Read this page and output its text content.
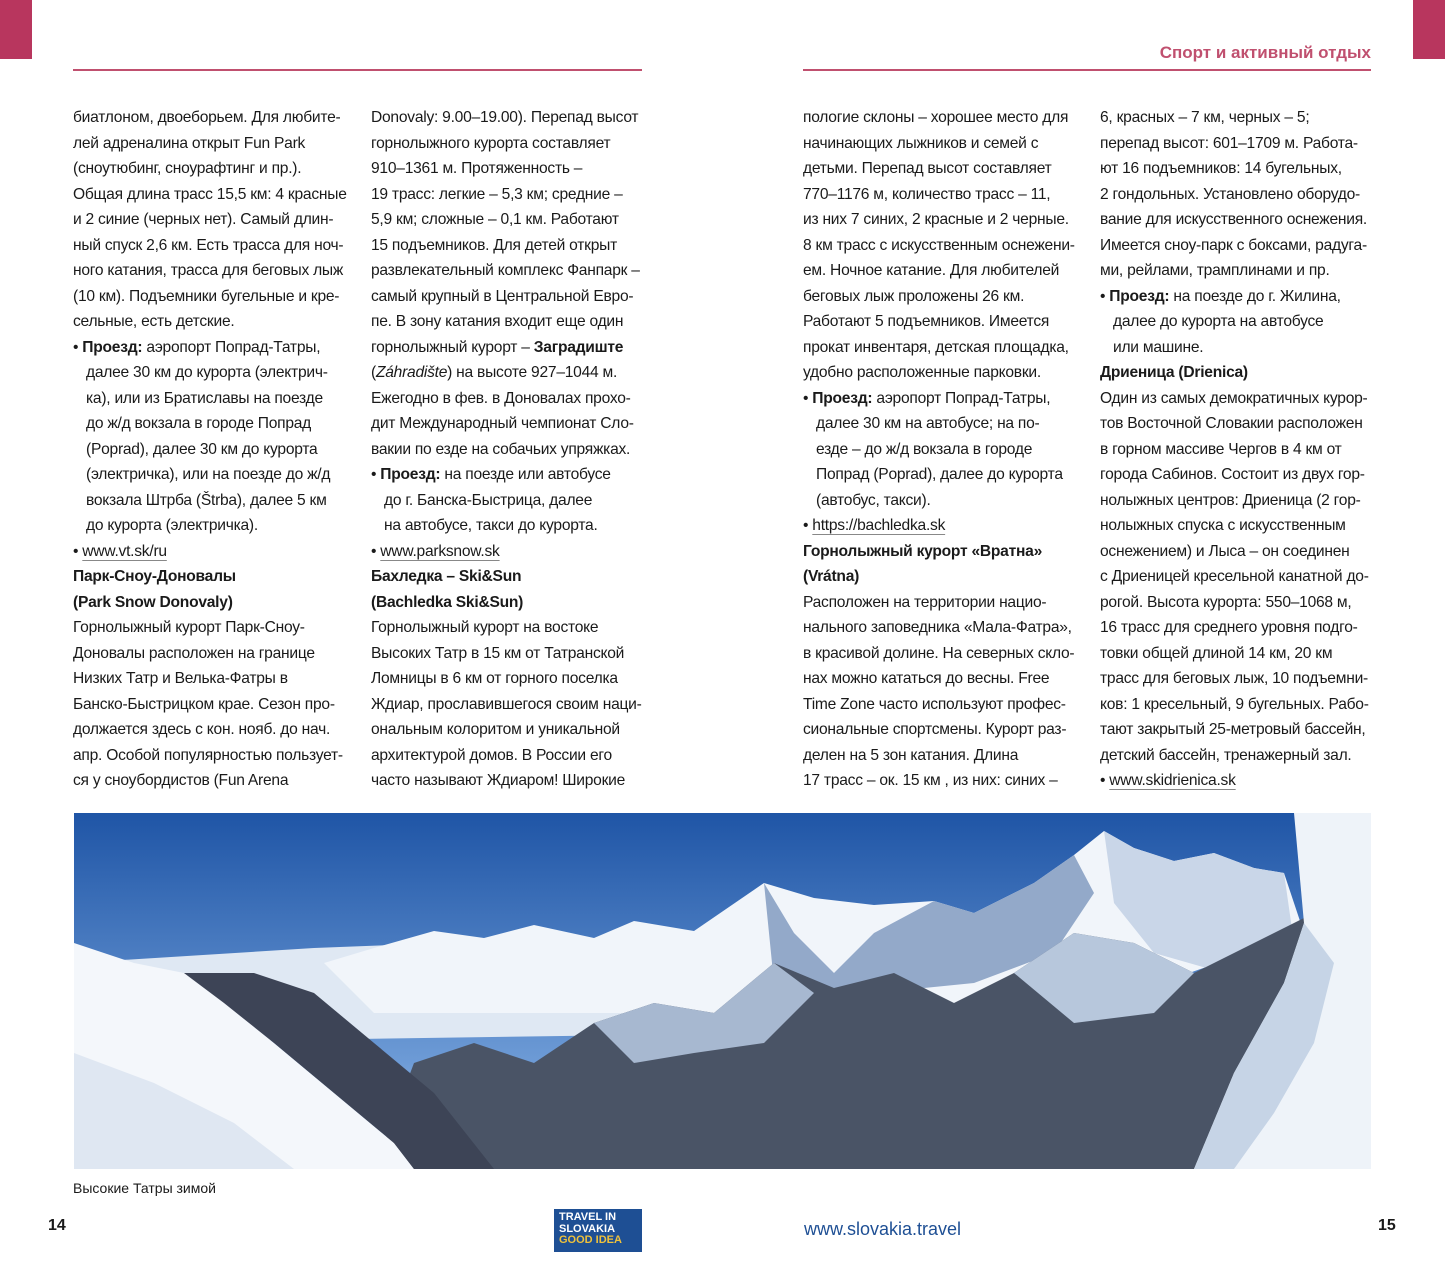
Спорт и активный отдых
биатлоном, двоеборьем. Для любите-
лей адреналина открыт Fun Park
(сноутюбинг, сноурафтинг и пр.).
Общая длина трасс 15,5 км: 4 красные
и 2 синие (черных нет). Самый длин-
ный спуск 2,6 км. Есть трасса для ноч-
ного катания, трасса для беговых лыж
(10 км). Подъемники бугельные и кре-
сельные, есть детские.
• Проезд: аэропорт Попрад-Татры,
далее 30 км до курорта (электрич-
ка), или из Братиславы на поезде
до ж/д вокзала в городе Попрад
(Poprad), далее 30 км до курорта
(электричка), или на поезде до ж/д
вокзала Штрба (Štrba), далее 5 км
до курорта (электричка).
• www.vt.sk/ru
Парк-Сноу-Доновалы
(Park Snow Donovaly)
Горнолыжный курорт Парк-Сноу-
Доновалы расположен на границе
Низких Татр и Велька-Фатры в
Банско-Быстрицком крае. Сезон про-
должается здесь с кон. нояб. до нач.
апр. Особой популярностью пользует-
ся у сноубордистов (Fun Arena
Donovaly: 9.00–19.00). Перепад высот
горнолыжного курорта составляет
910–1361 м. Протяженность –
19 трасс: легкие – 5,3 км; средние –
5,9 км; сложные – 0,1 км. Работают
15 подъемников. Для детей открыт
развлекательный комплекс Фанпарк –
самый крупный в Центральной Евро-
пе. В зону катания входит еще один
горнолыжный курорт – Заградиште
(Záhradište) на высоте 927–1044 м.
Ежегодно в фев. в Доновалах прохо-
дит Международный чемпионат Сло-
вакии по езде на собачьих упряжках.
• Проезд: на поезде или автобусе
до г. Банска-Быстрица, далее
на автобусе, такси до курорта.
• www.parksnow.sk
Бахледка – Ski&Sun
(Bachledka Ski&Sun)
Горнолыжный курорт на востоке
Высоких Татр в 15 км от Татранской
Ломницы в 6 км от горного поселка
Ждиар, прославившегося своим наци-
ональным колоритом и уникальной
архитектурой домов. В России его
часто называют Ждиаром! Широкие
пологие склоны – хорошее место для
начинающих лыжников и семей с
детьми. Перепад высот составляет
770–1176 м, количество трасс – 11,
из них 7 синих, 2 красные и 2 черные.
8 км трасс с искусственным оснежени-
ем. Ночное катание. Для любителей
беговых лыж проложены 26 км.
Работают 5 подъемников. Имеется
прокат инвентаря, детская площадка,
удобно расположенные парковки.
• Проезд: аэропорт Попрад-Татры,
далее 30 км на автобусе; на по-
езде – до ж/д вокзала в городе
Попрад (Poprad), далее до курорта
(автобус, такси).
• https://bachledka.sk
Горнолыжный курорт «Вратна»
(Vrátna)
Расположен на территории нацио-
нального заповедника «Мала-Фатра»,
в красивой долине. На северных скло-
нах можно кататься до весны. Free
Time Zone часто используют профес-
сиональные спортсмены. Курорт раз-
делен на 5 зон катания. Длина
17 трасс – ок. 15 км , из них: синих –
6, красных – 7 км, черных – 5;
перепад высот: 601–1709 м. Работа-
ют 16 подъемников: 14 бугельных,
2 гондольных. Установлено оборудо-
вание для искусственного оснежения.
Имеется сноу-парк с боксами, радуга-
ми, рейлами, трамплинами и пр.
• Проезд: на поезде до г. Жилина,
далее до курорта на автобусе
или машине.
Дриеница (Drienica)
Один из самых демократичных курор-
тов Восточной Словакии расположен
в горном массиве Чергов в 4 км от
города Сабинов. Состоит из двух гор-
нолыжных центров: Дриеница (2 гор-
нолыжных спуска с искусственным
оснежением) и Лыса – он соединен
с Дриеницей кресельной канатной до-
рогой. Высота курорта: 550–1068 м,
16 трасс для среднего уровня подго-
товки общей длиной 14 км, 20 км
трасс для беговых лыж, 10 подъемни-
ков: 1 кресельный, 9 бугельных. Рабо-
тают закрытый 25-метровый бассейн,
детский бассейн, тренажерный зал.
• www.skidrienica.sk
Высокие Татры зимой
14	TRAVEL IN
SLOVAKIA
GOOD IDEA
www.slovakia.travel	15
